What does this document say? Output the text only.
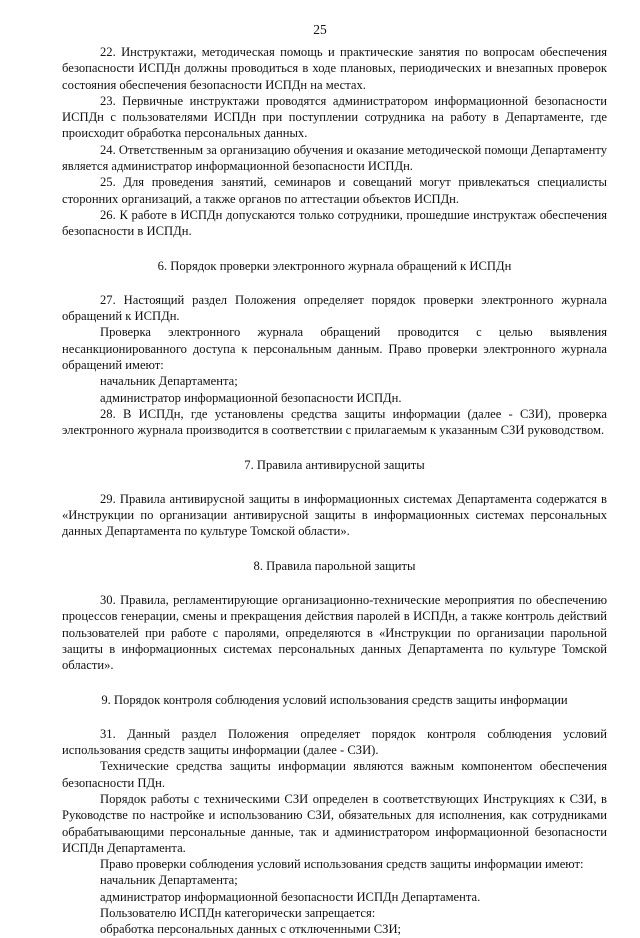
25

22. Инструктажи, методическая помощь и практические занятия по вопросам обеспечения безопасности ИСПДн должны проводиться в ходе плановых, периодических и внезапных проверок состояния обеспечения безопасности ИСПДн на местах.

23. Первичные инструктажи проводятся администратором информационной безопасности ИСПДн с пользователями ИСПДн при поступлении сотрудника на работу в Департаменте, где происходит обработка персональных данных.

24. Ответственным за организацию обучения и оказание методической помощи Департаменту является администратор информационной безопасности ИСПДн.

25. Для проведения занятий, семинаров и совещаний могут привлекаться специалисты сторонних организаций, а также органов по аттестации объектов ИСПДн.

26. К работе в ИСПДн допускаются только сотрудники, прошедшие инструктаж обеспечения безопасности в ИСПДн.

6. Порядок проверки электронного журнала обращений к ИСПДн

27. Настоящий раздел Положения определяет порядок проверки электронного журнала обращений к ИСПДн.

Проверка электронного журнала обращений проводится с целью выявления несанкционированного доступа к персональным данным. Право проверки электронного журнала обращений имеют:

начальник Департамента;

администратор информационной безопасности ИСПДн.

28. В ИСПДн, где установлены средства защиты информации (далее - СЗИ), проверка электронного журнала производится в соответствии с прилагаемым к указанным СЗИ руководством.

7. Правила антивирусной защиты

29. Правила антивирусной защиты в информационных системах Департамента содержатся в «Инструкции по организации антивирусной защиты в информационных системах персональных данных Департамента по культуре Томской области».

8. Правила парольной защиты

30. Правила, регламентирующие организационно-технические мероприятия по обеспечению процессов генерации, смены и прекращения действия паролей в ИСПДн, а также контроль действий пользователей при работе с паролями, определяются в «Инструкции по организации парольной защиты в информационных системах персональных данных Департамента по культуре Томской области».

9. Порядок контроля соблюдения условий использования средств защиты информации

31. Данный раздел Положения определяет порядок контроля соблюдения условий использования средств защиты информации (далее - СЗИ).

Технические средства защиты информации являются важным компонентом обеспечения безопасности ПДн.

Порядок работы с техническими СЗИ определен в соответствующих Инструкциях к СЗИ, в Руководстве по настройке и использованию СЗИ, обязательных для исполнения, как сотрудниками обрабатывающими персональные данные, так и администратором информационной безопасности ИСПДн Департамента.

Право проверки соблюдения условий использования средств защиты информации имеют:

начальник Департамента;

администратор информационной безопасности ИСПДн Департамента.

Пользователю ИСПДн категорически запрещается:

обработка персональных данных с отключенными СЗИ;
